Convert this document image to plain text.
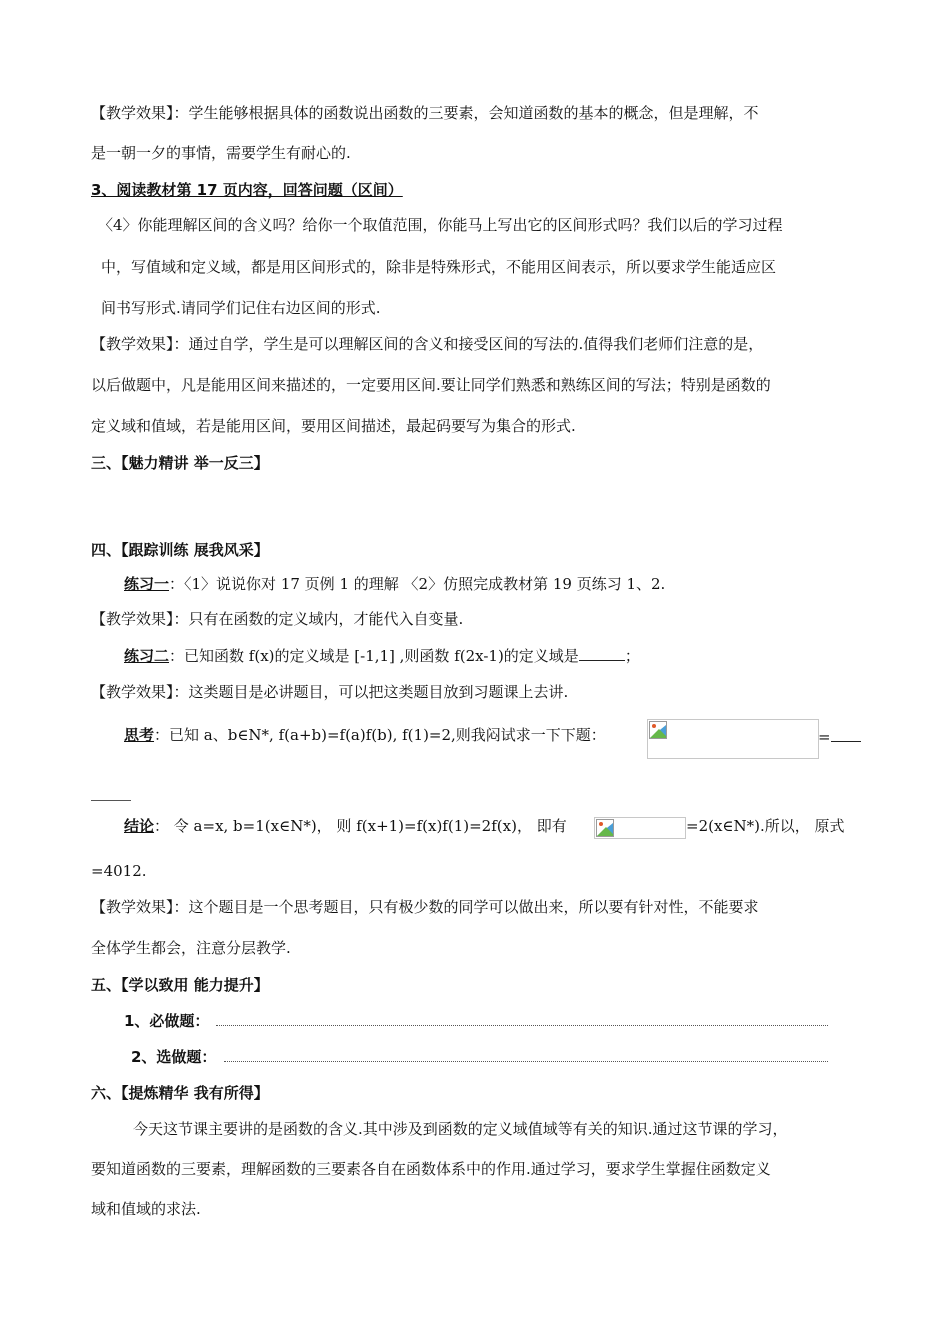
【教学效果】：学生能够根据具体的函数说出函数的三要素，会知道函数的基本的概念，但是理解，不
是一朝一夕的事情，需要学生有耐心的.
3、阅读教材第 17 页内容，回答问题（区间）
〈4〉你能理解区间的含义吗？给你一个取值范围，你能马上写出它的区间形式吗？我们以后的学习过程
中，写值域和定义域，都是用区间形式的，除非是特殊形式，不能用区间表示，所以要求学生能适应区
间书写形式.请同学们记住右边区间的形式.
【教学效果】：通过自学，学生是可以理解区间的含义和接受区间的写法的.值得我们老师们注意的是，
以后做题中，凡是能用区间来描述的，一定要用区间.要让同学们熟悉和熟练区间的写法；特别是函数的
定义域和值域，若是能用区间，要用区间描述，最起码要写为集合的形式.
三、【魅力精讲 举一反三】
四、【跟踪训练 展我风采】
练习一：〈1〉说说你对 17 页例 1 的理解 〈2〉仿照完成教材第 19 页练习 1、2.
【教学效果】：只有在函数的定义域内，才能代入自变量.
练习二：已知函数 f(x)的定义域是 [-1,1] ,则函数 f(2x-1)的定义域是	；
【教学效果】：这类题目是必讲题目，可以把这类题目放到习题课上去讲.
思考：已知 a、b∈N*, f(a+b)=f(a)f(b), f(1)=2,则我闷试求一下下题：	=
结论： 令 a=x, b=1(x∈N*)， 则 f(x+1)=f(x)f(1)=2f(x)， 即有	=2(x∈N*).所以， 原式
=4012.
【教学效果】：这个题目是一个思考题目，只有极少数的同学可以做出来，所以要有针对性，不能要求
全体学生都会，注意分层教学.
五、【学以致用 能力提升】
1、必做题：
2、选做题：
六、【提炼精华 我有所得】
今天这节课主要讲的是函数的含义.其中涉及到函数的定义域值域等有关的知识.通过这节课的学习，
要知道函数的三要素，理解函数的三要素各自在函数体系中的作用.通过学习，要求学生掌握住函数定义
域和值域的求法.
